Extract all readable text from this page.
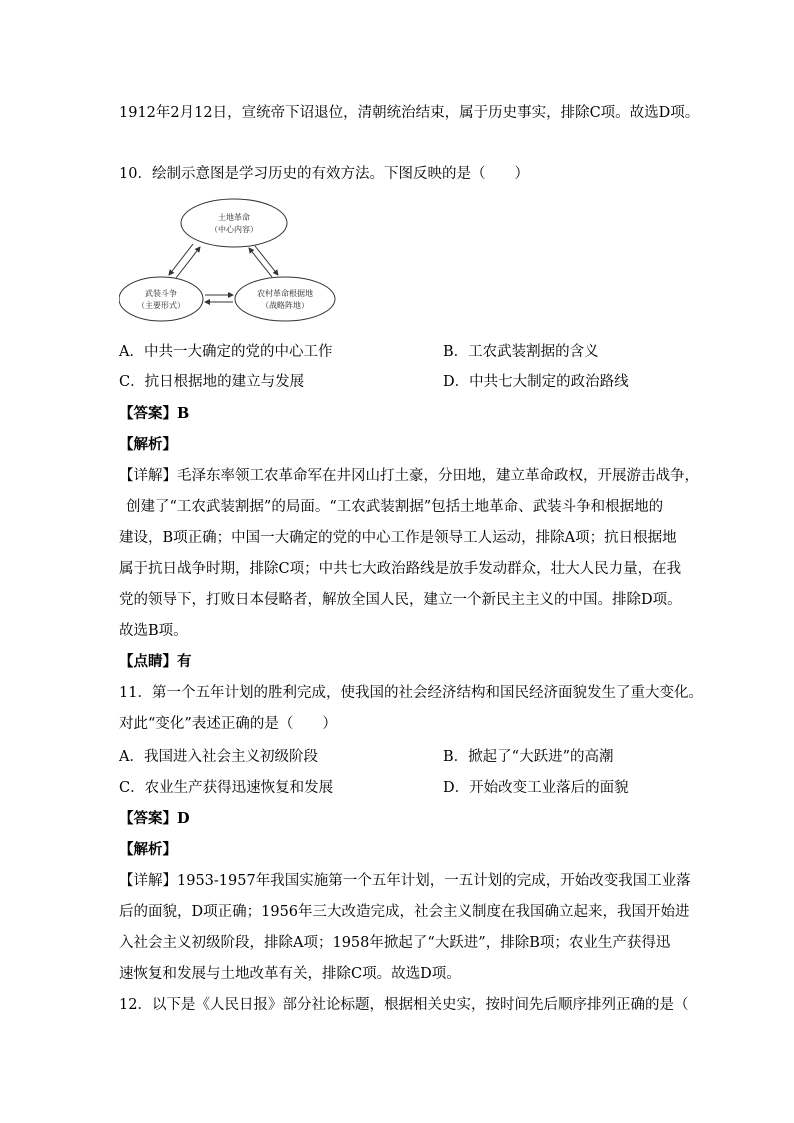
1912年2月12日，宣统帝下诏退位，清朝统治结束，属于历史事实，排除C项。故选D项。
10．绘制示意图是学习历史的有效方法。下图反映的是（　　）
土地革命
（中心内容）
武装斗争
（主要形式）
农村革命根据地
（战略阵地）
A．中共一大确定的党的中心工作	B．工农武装割据的含义
C．抗日根据地的建立与发展	D．中共七大制定的政治路线
【答案】B
【解析】
【详解】毛泽东率领工农革命军在井冈山打土豪，分田地，建立革命政权，开展游击战争，
创建了“工农武装割据”的局面。“工农武装割据”包括土地革命、武装斗争和根据地的
建设，B项正确；中国一大确定的党的中心工作是领导工人运动，排除A项；抗日根据地
属于抗日战争时期，排除C项；中共七大政治路线是放手发动群众，壮大人民力量，在我
党的领导下，打败日本侵略者，解放全国人民，建立一个新民主主义的中国。排除D项。
故选B项。
【点睛】有
11．第一个五年计划的胜利完成，使我国的社会经济结构和国民经济面貌发生了重大变化。
对此“变化”表述正确的是（　　）
A．我国进入社会主义初级阶段	B．掀起了“大跃进”的高潮
C．农业生产获得迅速恢复和发展	D．开始改变工业落后的面貌
【答案】D
【解析】
【详解】1953-1957年我国实施第一个五年计划，一五计划的完成，开始改变我国工业落
后的面貌，D项正确；1956年三大改造完成，社会主义制度在我国确立起来，我国开始进
入社会主义初级阶段，排除A项；1958年掀起了“大跃进”，排除B项；农业生产获得迅
速恢复和发展与土地改革有关，排除C项。故选D项。
12．以下是《人民日报》部分社论标题，根据相关史实，按时间先后顺序排列正确的是（
